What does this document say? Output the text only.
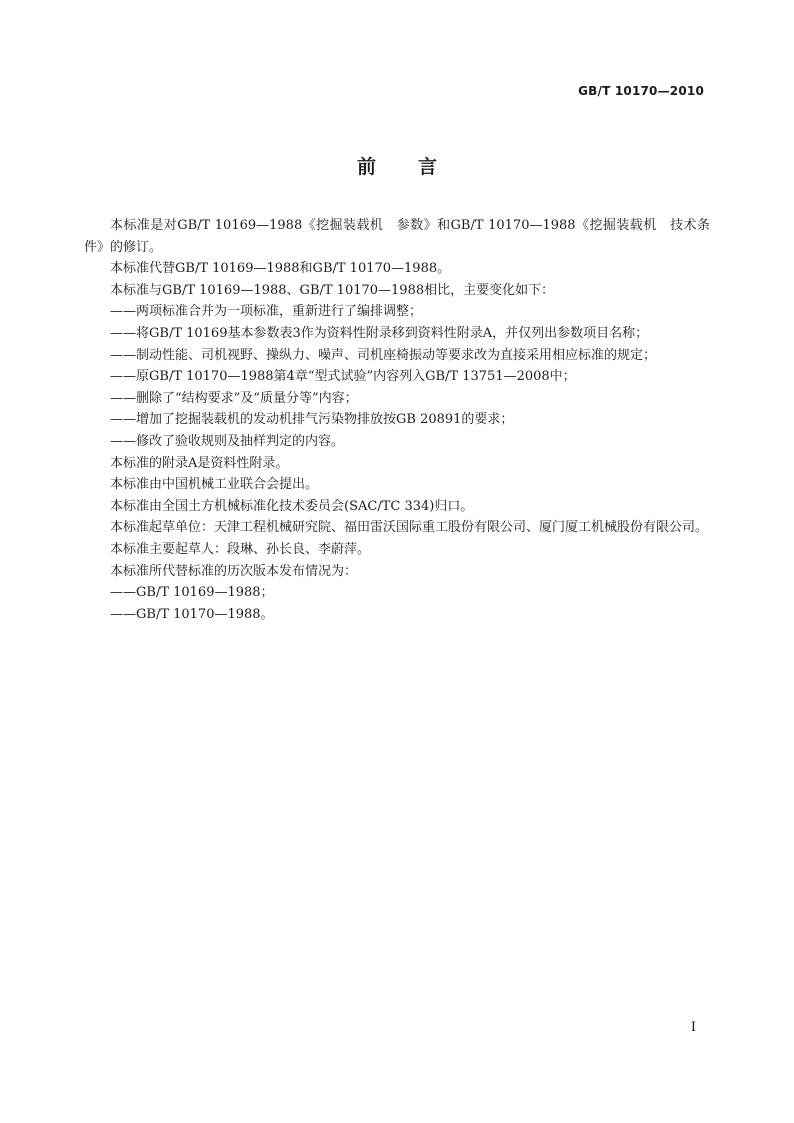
GB/T 10170—2010
前言

本标准是对GB/T 10169—1988《挖掘装载机　参数》和GB/T 10170—1988《挖掘装载机　技术条件》的修订。

本标准代替GB/T 10169—1988和GB/T 10170—1988。

本标准与GB/T 10169—1988、GB/T 10170—1988相比，主要变化如下：

——两项标准合并为一项标准，重新进行了编排调整；

——将GB/T 10169基本参数表3作为资料性附录移到资料性附录A，并仅列出参数项目名称；

——制动性能、司机视野、操纵力、噪声、司机座椅振动等要求改为直接采用相应标准的规定；

——原GB/T 10170—1988第4章“型式试验”内容列入GB/T 13751—2008中；

——删除了“结构要求”及“质量分等”内容；

——增加了挖掘装载机的发动机排气污染物排放按GB 20891的要求；

——修改了验收规则及抽样判定的内容。

本标准的附录A是资料性附录。

本标准由中国机械工业联合会提出。

本标准由全国土方机械标准化技术委员会(SAC/TC 334)归口。

本标准起草单位：天津工程机械研究院、福田雷沃国际重工股份有限公司、厦门厦工机械股份有限公司。

本标准主要起草人：段琳、孙长良、李蔚萍。

本标准所代替标准的历次版本发布情况为：

——GB/T 10169—1988；

——GB/T 10170—1988。

I
